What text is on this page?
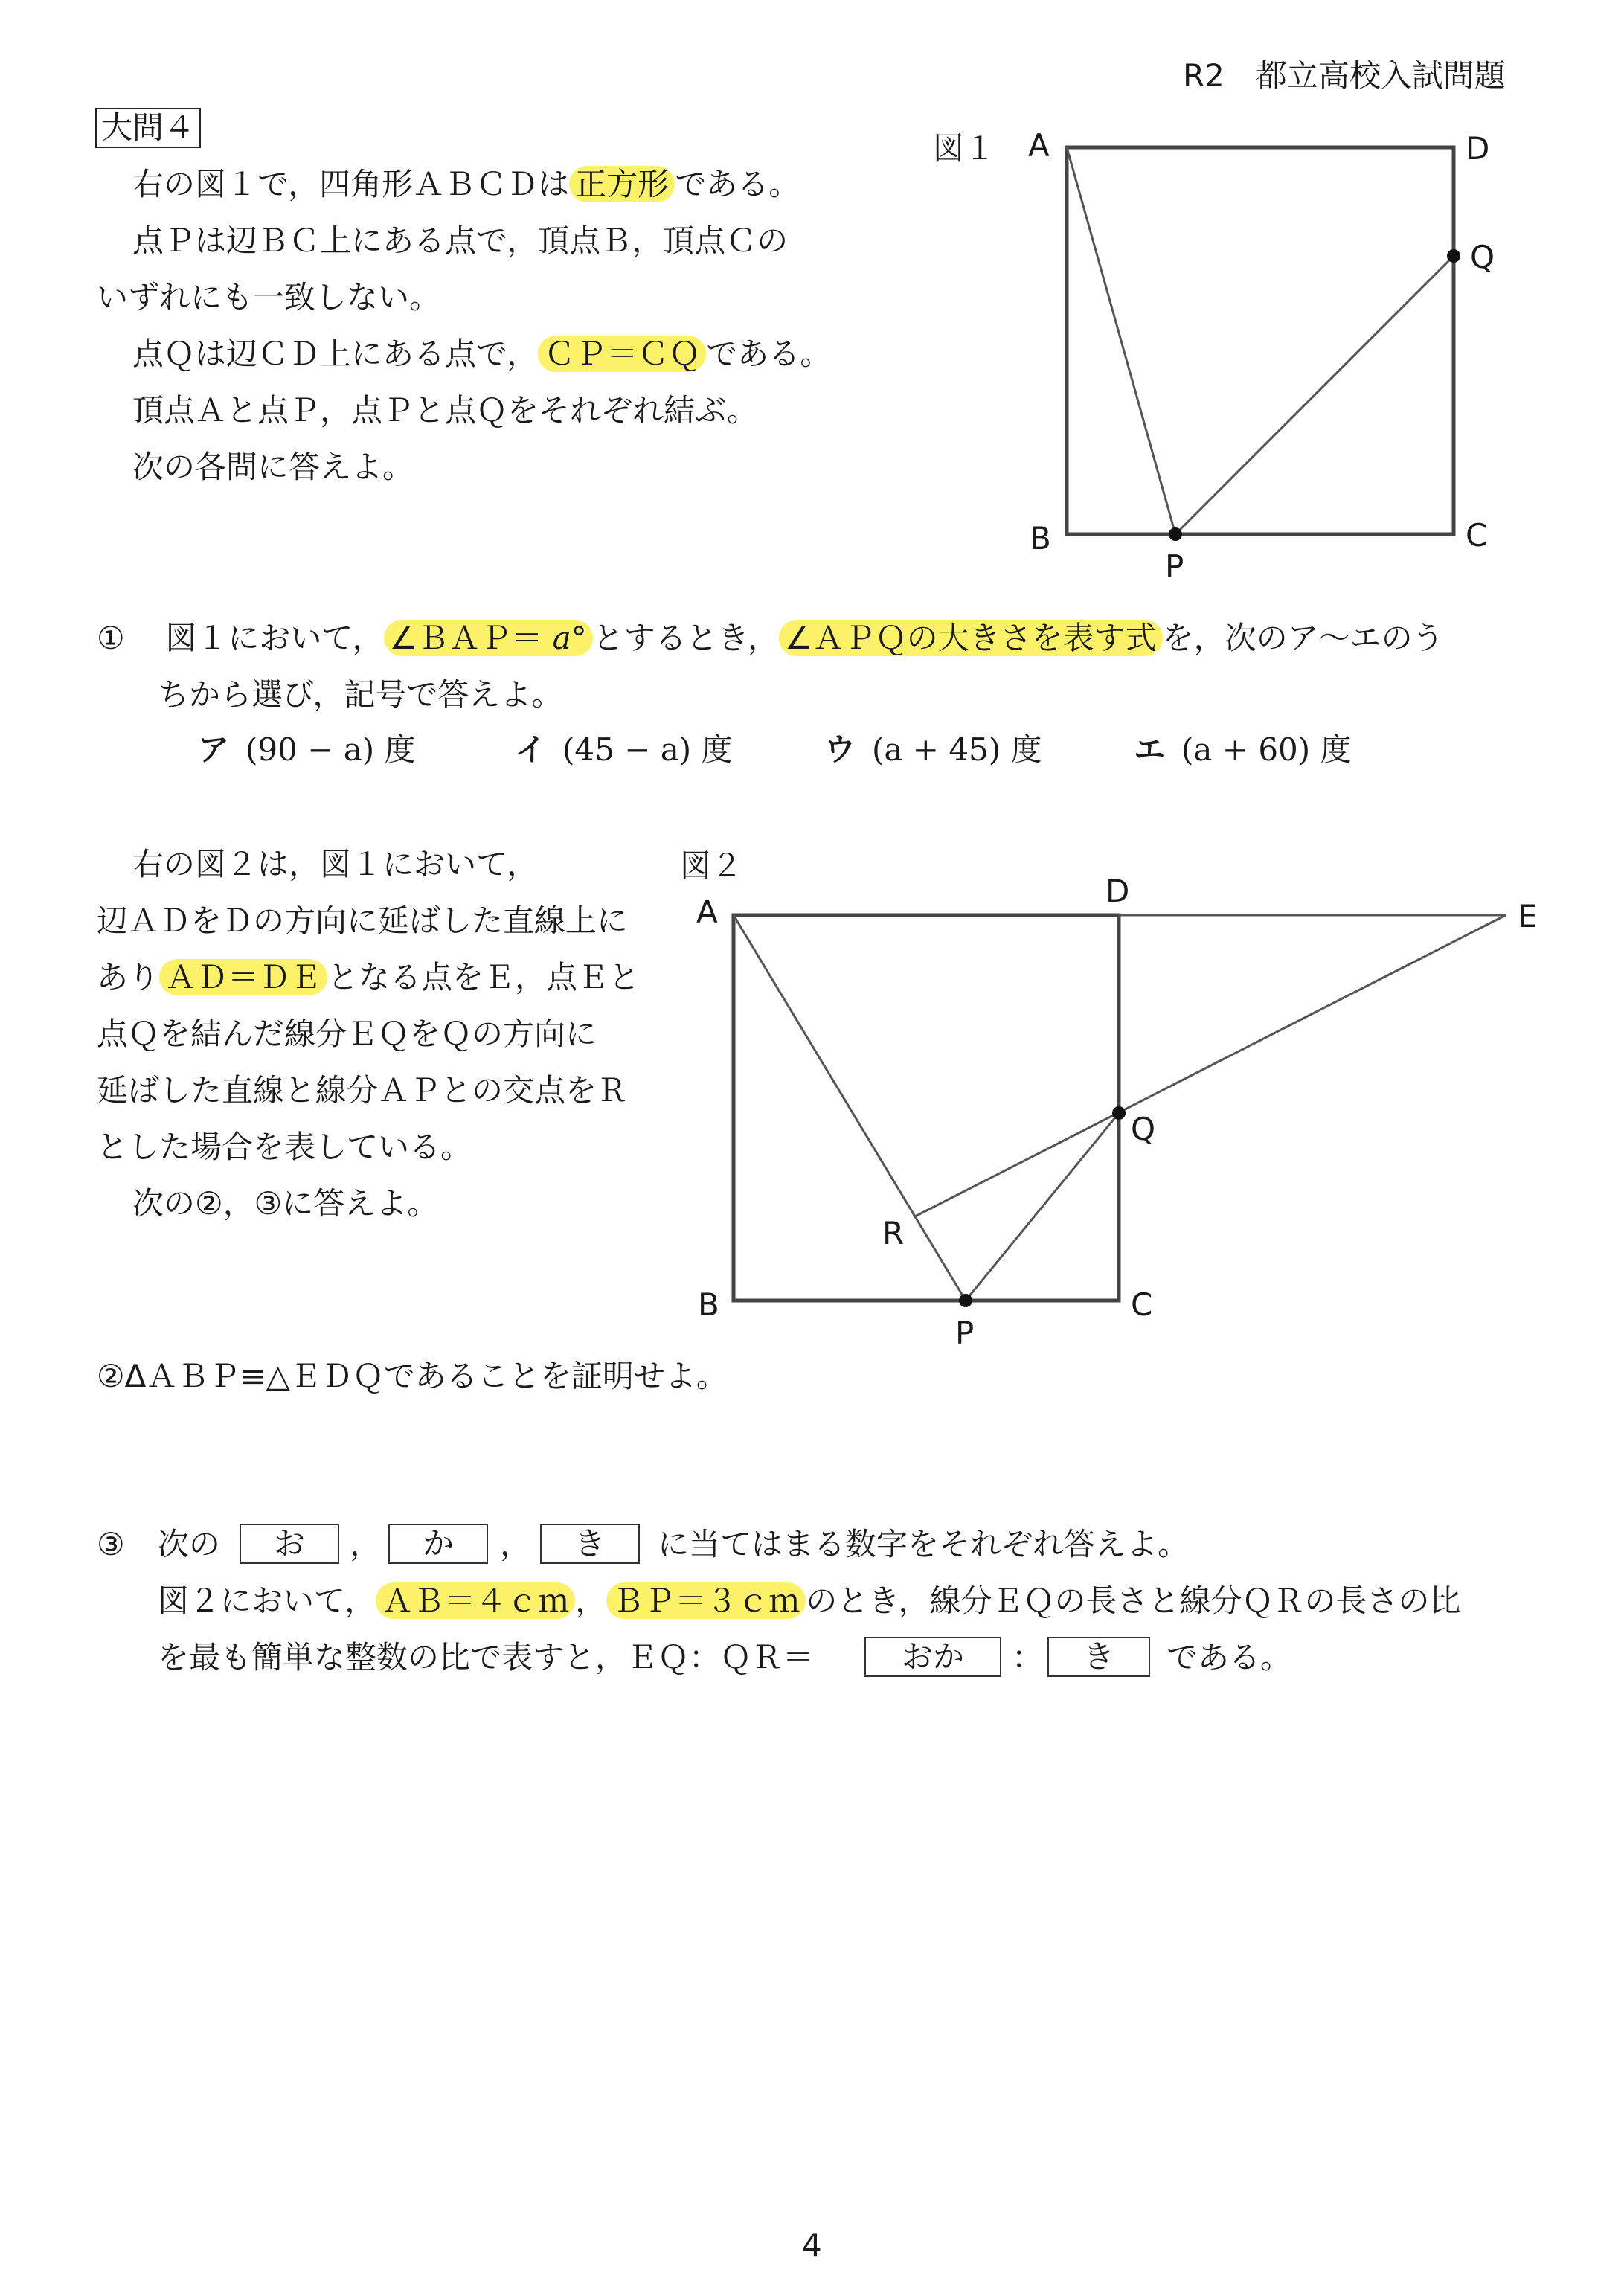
R2　都立高校入試問題
大問４
右の図１で，四角形ＡＢＣＤは 正方形 である。
点Ｐは辺ＢＣ上にある点で，頂点Ｂ，頂点Ｃの
いずれにも一致しない。
点Ｑは辺ＣＤ上にある点で， ＣＰ＝ＣＱ である。
頂点Ａと点Ｐ，点Ｐと点Ｑをそれぞれ結ぶ。
次の各問に答えよ。
図１ A	D
Q
B	C
P
図２
A
D
E
Q
R
B	C
P
① 図１において， ∠ＢＡＰ＝ a° とするとき， ∠ＡＰＱの大きさを表す式 を，次のア～エのう
ちから選び，記号で答えよ。
ア (90 − a) 度	イ (45 − a) 度	ウ (a + 45) 度	エ (a + 60) 度
右の図２は，図１において，
辺ＡＤをＤの方向に延ばした直線上に
あり ＡＤ＝ＤＥ となる点をＥ，点Ｅと
点Ｑを結んだ線分ＥＱをＱの方向に
延ばした直線と線分ＡＰとの交点をＲ
とした場合を表している。
次の②，③に答えよ。
②ΔＡＢＰ≡△ＥＤＱであることを証明せよ。
③ 次の	お	，	か	，	き	に当てはまる数字をそれぞれ答えよ。
図２において， ＡＢ＝４ｃｍ ， ＢＰ＝３ｃｍ のとき，線分ＥＱの長さと線分ＱＲの長さの比
を最も簡単な整数の比で表すと，ＥＱ：ＱＲ＝	おか	：	き	である。
4
